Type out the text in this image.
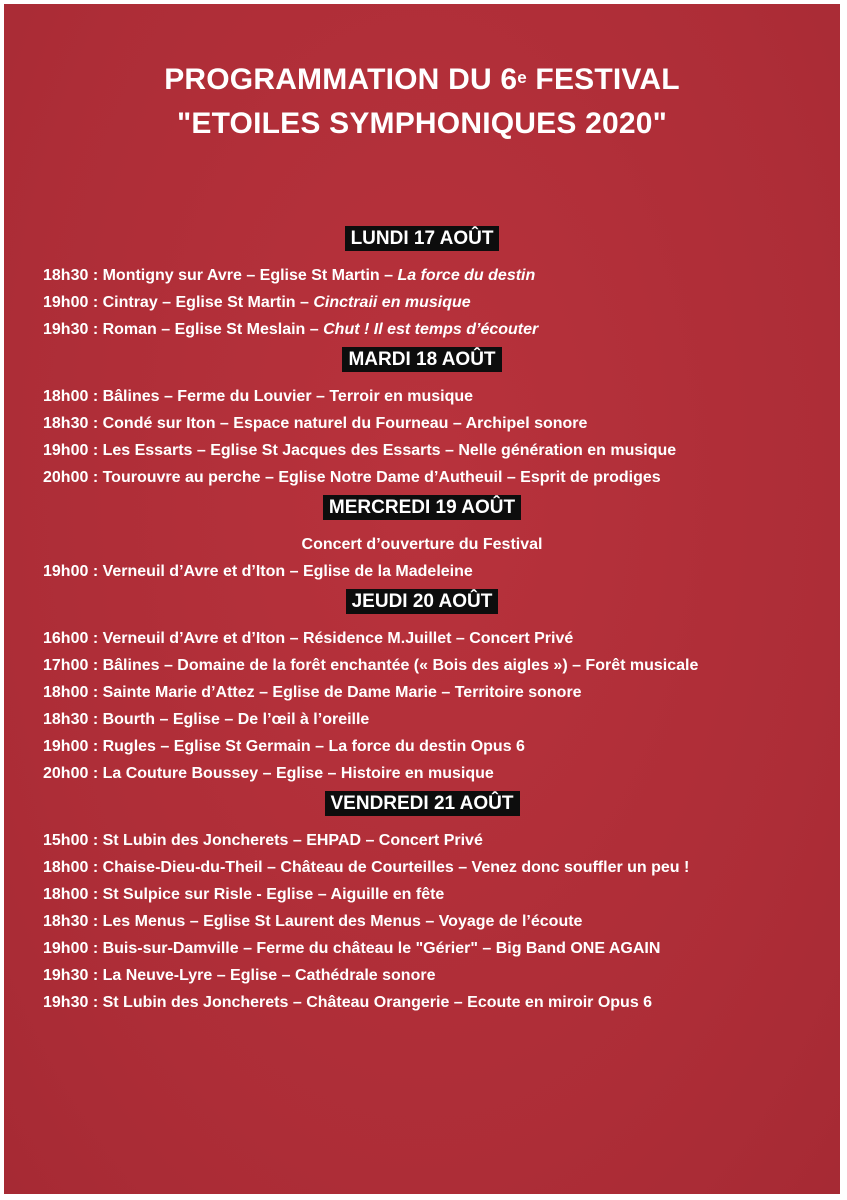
PROGRAMMATION DU 6e FESTIVAL
"ETOILES SYMPHONIQUES 2020"
LUNDI 17 AOÛT
18h30 : Montigny sur Avre – Eglise St Martin – La force du destin
19h00 : Cintray – Eglise St Martin – Cinctraii en musique
19h30 : Roman – Eglise St Meslain – Chut ! Il est temps d’écouter
MARDI 18 AOÛT
18h00 : Bâlines – Ferme du Louvier – Terroir en musique
18h30 : Condé sur Iton – Espace naturel du Fourneau – Archipel sonore
19h00 : Les Essarts – Eglise St Jacques des Essarts – Nelle génération en musique
20h00 : Tourouvre au perche – Eglise Notre Dame d’Autheuil – Esprit de prodiges
MERCREDI 19 AOÛT
Concert d’ouverture du Festival
19h00 : Verneuil d’Avre et d’Iton – Eglise de la Madeleine
JEUDI 20 AOÛT
16h00 : Verneuil d’Avre et d’Iton – Résidence M.Juillet – Concert Privé
17h00 : Bâlines – Domaine de la forêt enchantée (« Bois des aigles ») – Forêt musicale
18h00 : Sainte Marie d’Attez – Eglise de Dame Marie – Territoire sonore
18h30 : Bourth – Eglise – De l’œil à l’oreille
19h00 : Rugles – Eglise St Germain – La force du destin Opus 6
20h00 : La Couture Boussey – Eglise – Histoire en musique
VENDREDI 21 AOÛT
15h00 : St Lubin des Joncherets – EHPAD – Concert Privé
18h00 : Chaise-Dieu-du-Theil – Château de Courteilles – Venez donc souffler un peu !
18h00 : St Sulpice sur Risle - Eglise – Aiguille en fête
18h30 : Les Menus – Eglise St Laurent des Menus – Voyage de l’écoute
19h00 : Buis-sur-Damville – Ferme du château le "Gérier" – Big Band ONE AGAIN
19h30 : La Neuve-Lyre – Eglise – Cathédrale sonore
19h30 : St Lubin des Joncherets – Château Orangerie – Ecoute en miroir Opus 6
